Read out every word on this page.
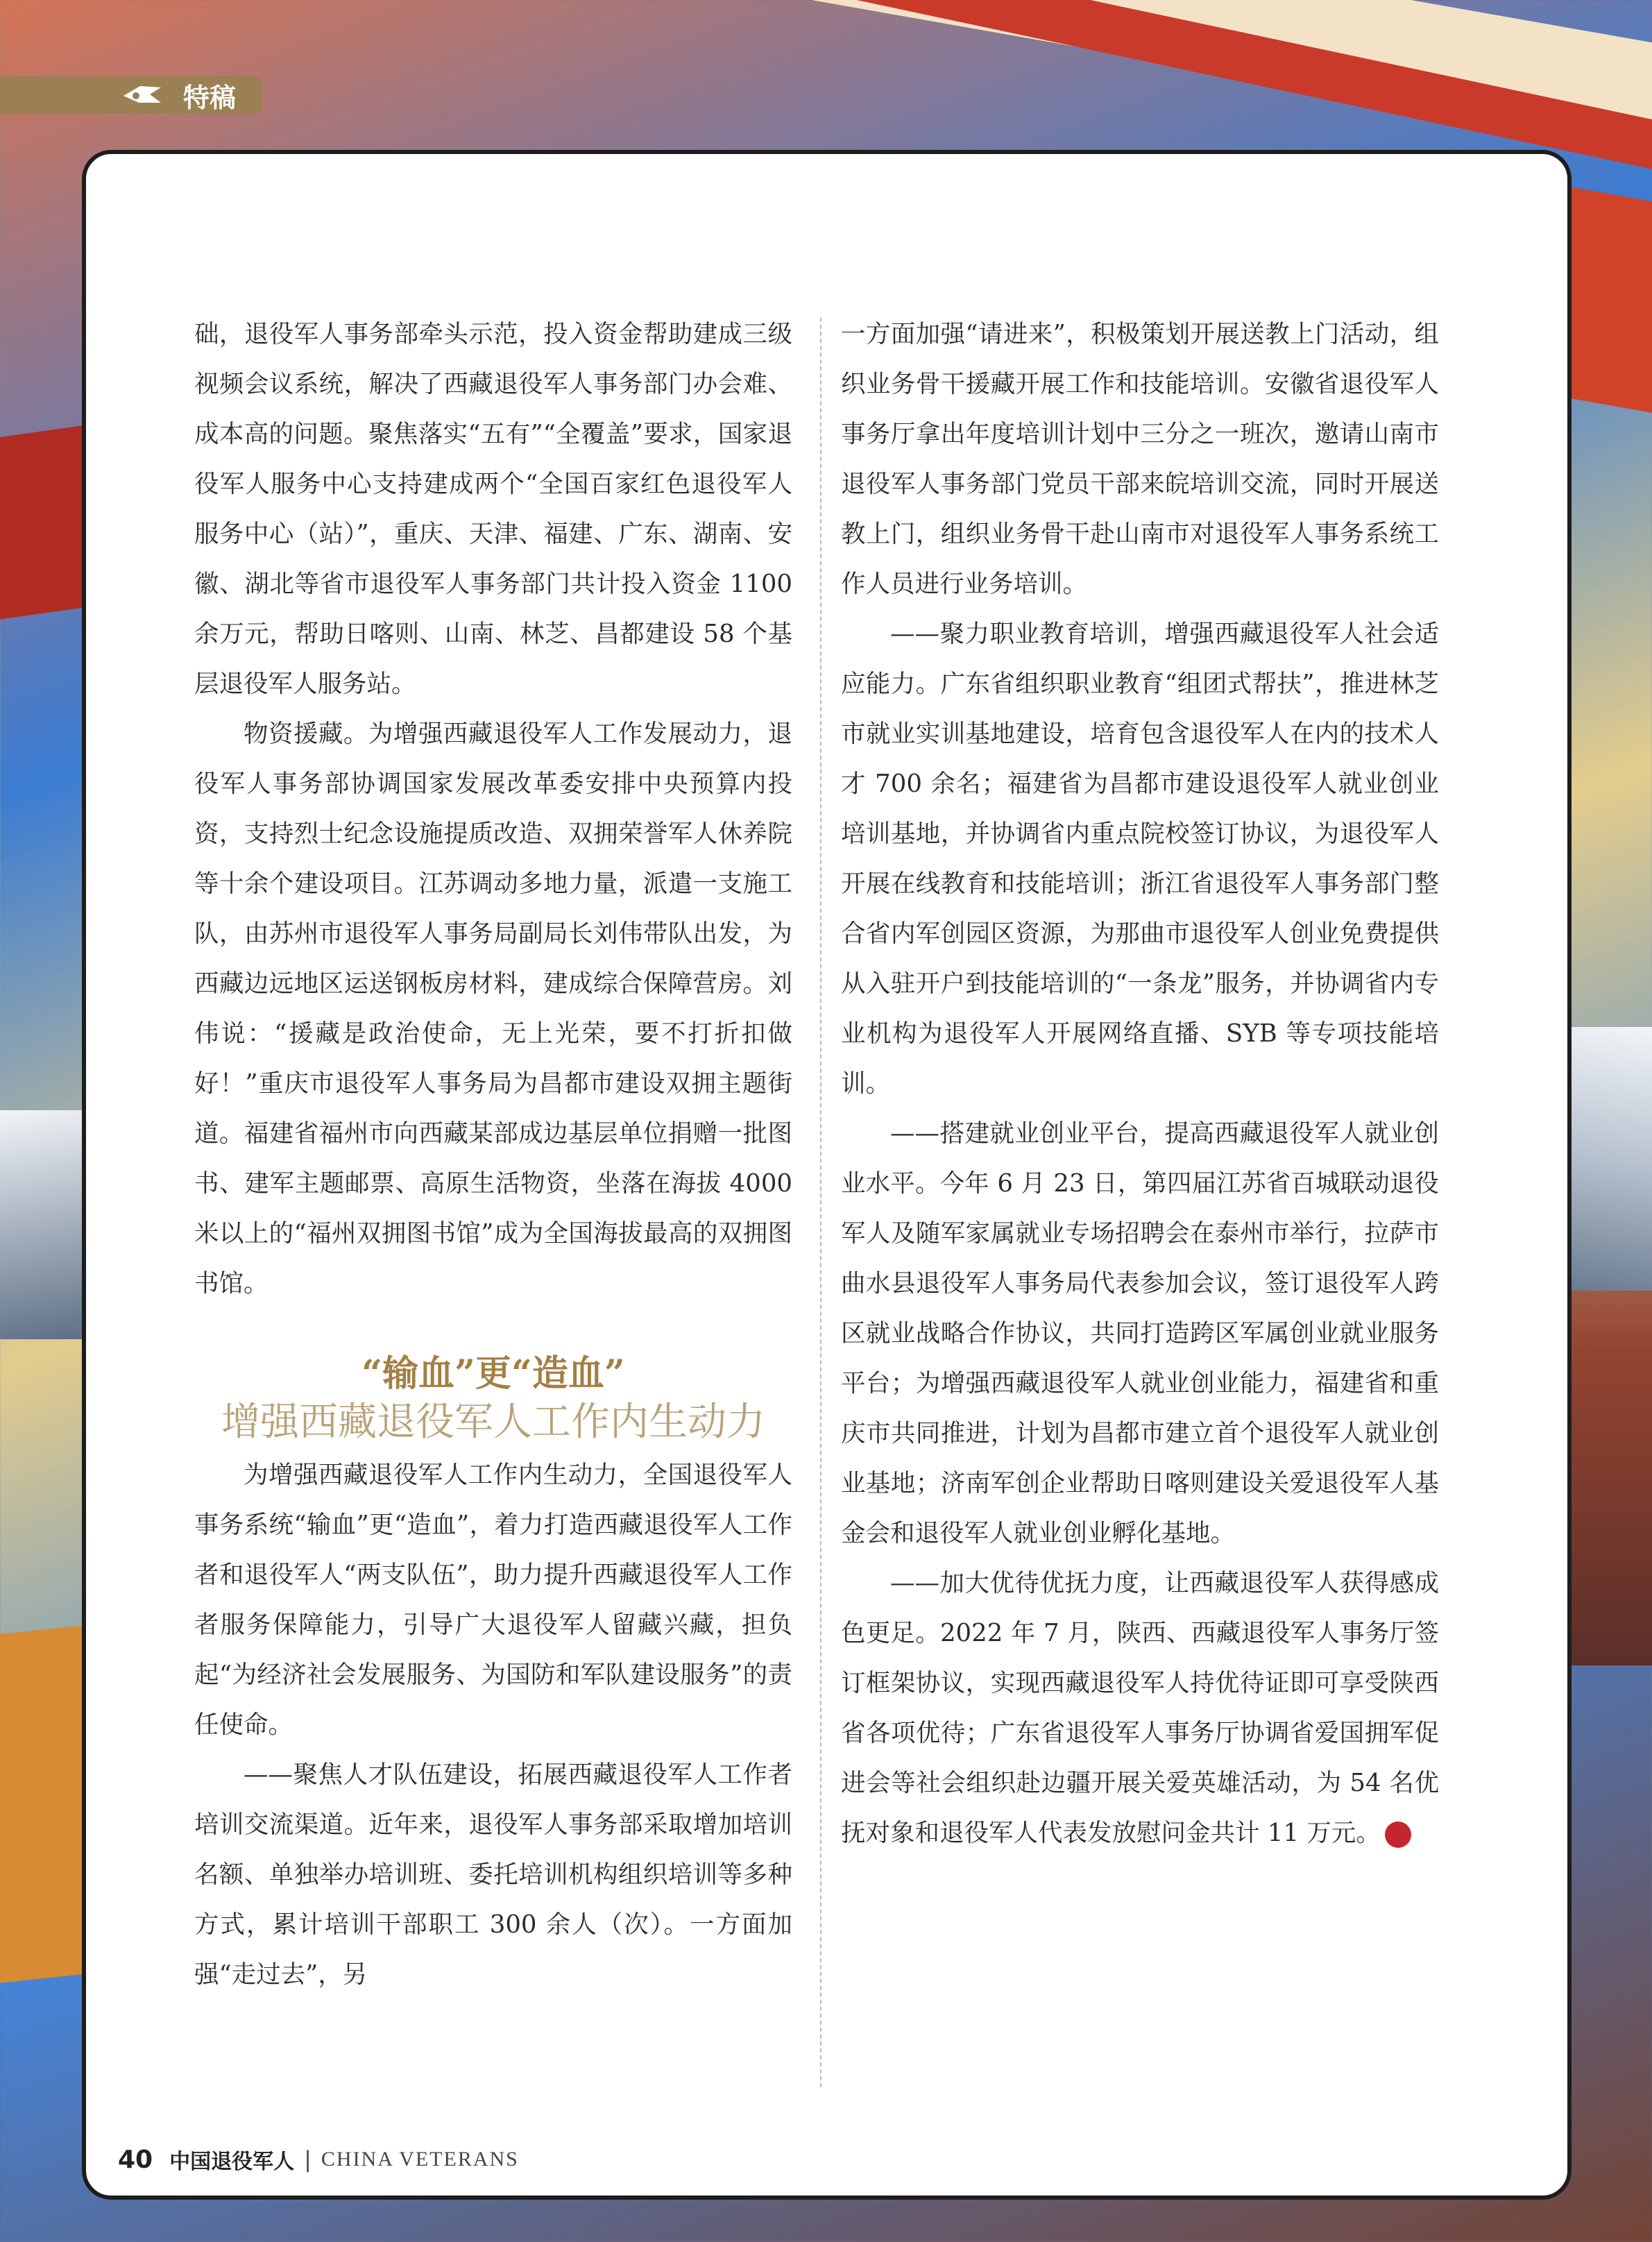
特稿

础，退役军人事务部牵头示范，投入资金帮助建成三级视频会议系统，解决了西藏退役军人事务部门办会难、成本高的问题。聚焦落实“五有”“全覆盖”要求，国家退役军人服务中心支持建成两个“全国百家红色退役军人服务中心（站）”，重庆、天津、福建、广东、湖南、安徽、湖北等省市退役军人事务部门共计投入资金 1100 余万元，帮助日喀则、山南、林芝、昌都建设 58 个基层退役军人服务站。

物资援藏。为增强西藏退役军人工作发展动力，退役军人事务部协调国家发展改革委安排中央预算内投资，支持烈士纪念设施提质改造、双拥荣誉军人休养院等十余个建设项目。江苏调动多地力量，派遣一支施工队，由苏州市退役军人事务局副局长刘伟带队出发，为西藏边远地区运送钢板房材料，建成综合保障营房。刘伟说：“援藏是政治使命，无上光荣，要不打折扣做好！”重庆市退役军人事务局为昌都市建设双拥主题街道。福建省福州市向西藏某部成边基层单位捐赠一批图书、建军主题邮票、高原生活物资，坐落在海拔 4000 米以上的“福州双拥图书馆”成为全国海拔最高的双拥图书馆。

“输血”更“造血”
增强西藏退役军人工作内生动力

为增强西藏退役军人工作内生动力，全国退役军人事务系统“输血”更“造血”，着力打造西藏退役军人工作者和退役军人“两支队伍”，助力提升西藏退役军人工作者服务保障能力，引导广大退役军人留藏兴藏，担负起“为经济社会发展服务、为国防和军队建设服务”的责任使命。

——聚焦人才队伍建设，拓展西藏退役军人工作者培训交流渠道。近年来，退役军人事务部采取增加培训名额、单独举办培训班、委托培训机构组织培训等多种方式，累计培训干部职工 300 余人（次）。一方面加强“走过去”，另

一方面加强“请进来”，积极策划开展送教上门活动，组织业务骨干援藏开展工作和技能培训。安徽省退役军人事务厅拿出年度培训计划中三分之一班次，邀请山南市退役军人事务部门党员干部来皖培训交流，同时开展送教上门，组织业务骨干赴山南市对退役军人事务系统工作人员进行业务培训。

——聚力职业教育培训，增强西藏退役军人社会适应能力。广东省组织职业教育“组团式帮扶”，推进林芝市就业实训基地建设，培育包含退役军人在内的技术人才 700 余名；福建省为昌都市建设退役军人就业创业培训基地，并协调省内重点院校签订协议，为退役军人开展在线教育和技能培训；浙江省退役军人事务部门整合省内军创园区资源，为那曲市退役军人创业免费提供从入驻开户到技能培训的“一条龙”服务，并协调省内专业机构为退役军人开展网络直播、SYB 等专项技能培训。

——搭建就业创业平台，提高西藏退役军人就业创业水平。今年 6 月 23 日，第四届江苏省百城联动退役军人及随军家属就业专场招聘会在泰州市举行，拉萨市曲水县退役军人事务局代表参加会议，签订退役军人跨区就业战略合作协议，共同打造跨区军属创业就业服务平台；为增强西藏退役军人就业创业能力，福建省和重庆市共同推进，计划为昌都市建立首个退役军人就业创业基地；济南军创企业帮助日喀则建设关爱退役军人基金会和退役军人就业创业孵化基地。

——加大优待优抚力度，让西藏退役军人获得感成色更足。2022 年 7 月，陕西、西藏退役军人事务厅签订框架协议，实现西藏退役军人持优待证即可享受陕西省各项优待；广东省退役军人事务厅协调省爱国拥军促进会等社会组织赴边疆开展关爱英雄活动，为 54 名优抚对象和退役军人代表发放慰问金共计 11 万元。	V

40 中国退役军人 | CHINA VETERANS
